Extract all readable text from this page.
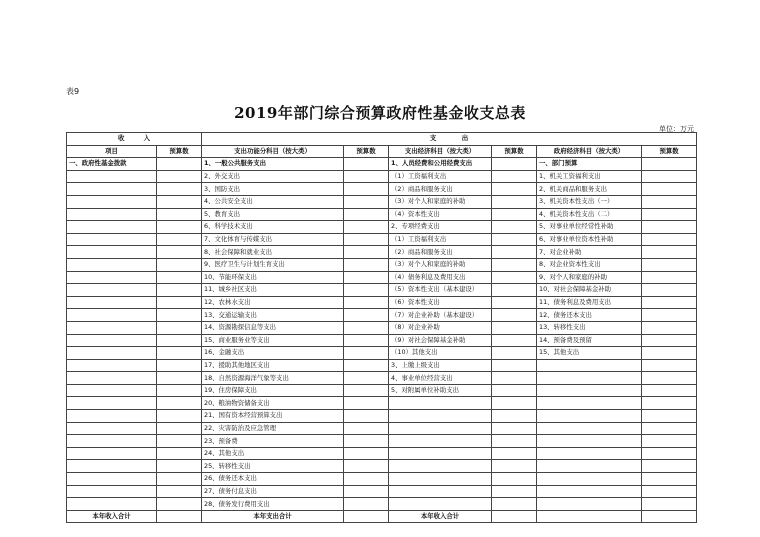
表9
2019年部门综合预算政府性基金收支总表
单位：万元
收　　　入		支　　　　出					
项目	预算数	支出功能分科目（按大类）	预算数	支出经济科目（按大类）	预算数	政府经济科目（按大类）	预算数
一、政府性基金拨款		1、一般公共服务支出		1、人员经费和公用经费支出		一、部门预算	
		2、外交支出		（1）工资福利支出		1、机关工资福利支出	
		3、国防支出		（2）商品和服务支出		2、机关商品和服务支出	
		4、公共安全支出		（3）对个人和家庭的补助		3、机关资本性支出（一）	
		5、教育支出		（4）资本性支出		4、机关资本性支出（二）	
		6、科学技术支出		2、专项经费支出		5、对事业单位经常性补助	
		7、文化体育与传媒支出		（1）工资福利支出		6、对事业单位资本性补助	
		8、社会保障和就业支出		（2）商品和服务支出		7、对企业补助	
		9、医疗卫生与计划生育支出		（3）对个人和家庭的补助		8、对企业资本性支出	
		10、节能环保支出		（4）债务利息及费用支出		9、对个人和家庭的补助	
		11、城乡社区支出		（5）资本性支出（基本建设）		10、对社会保障基金补助	
		12、农林水支出		（6）资本性支出		11、债务利息及费用支出	
		13、交通运输支出		（7）对企业补助（基本建设）		12、债务还本支出	
		14、资源勘探信息等支出		（8）对企业补助		13、转移性支出	
		15、商业服务业等支出		（9）对社会保障基金补助		14、预备费及预留	
		16、金融支出		（10）其他支出		15、其他支出	
		17、援助其他地区支出		3、上缴上级支出			
		18、自然资源海洋气象等支出		4、事业单位经营支出			
		19、住房保障支出		5、对附属单位补助支出			
		20、粮油物资储备支出					
		21、国有资本经营预算支出					
		22、灾害防治及应急管理					
		23、预备费					
		24、其他支出					
		25、转移性支出					
		26、债务还本支出					
		27、债务付息支出					
		28、债务发行费用支出					
本年收入合计		本年支出合计		本年收入合计			
